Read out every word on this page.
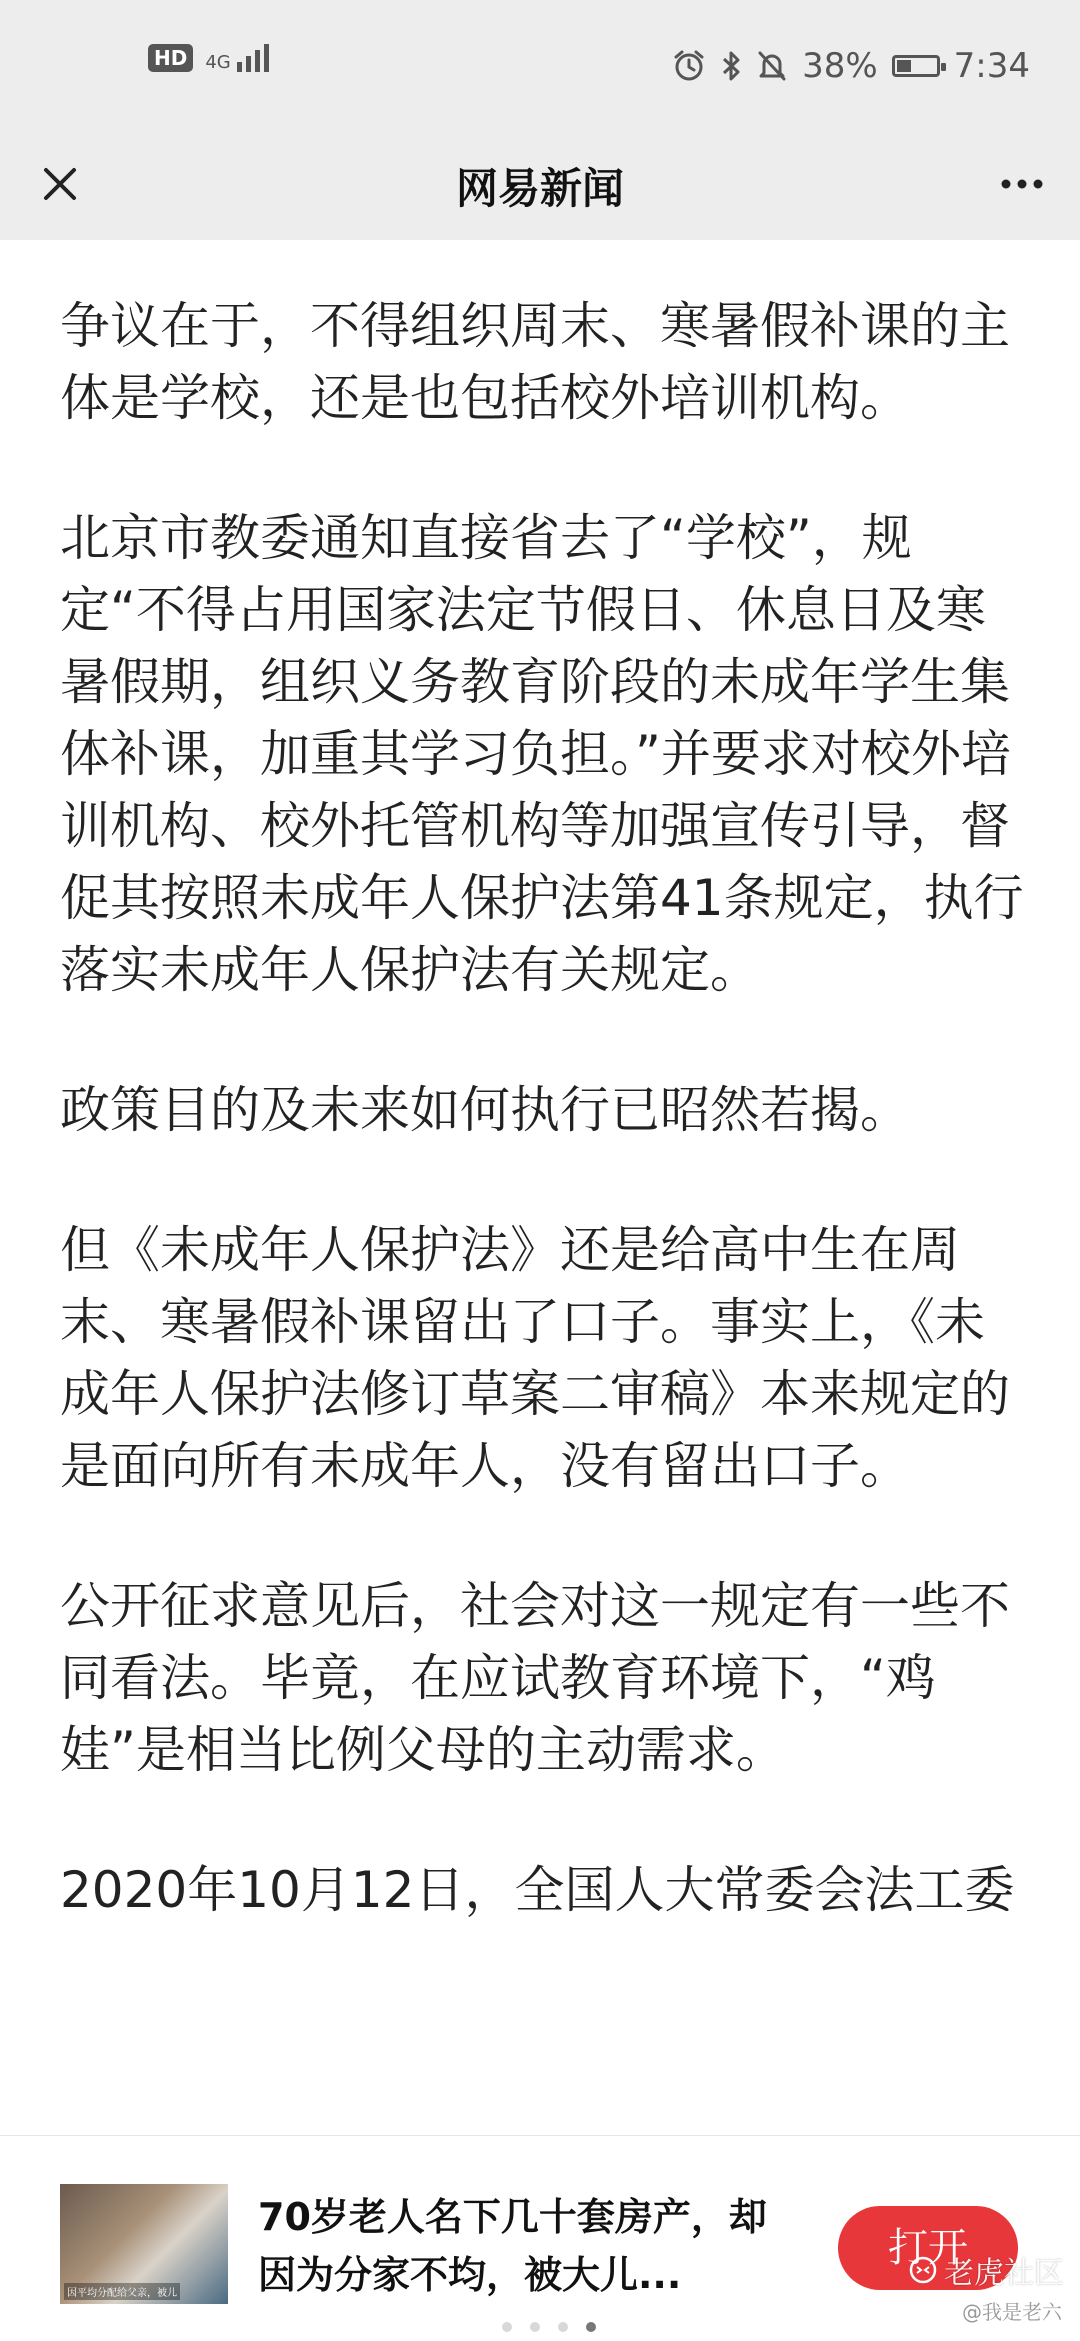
HD	4G	38% 7:34
网易新闻

争议在于，不得组织周末、寒暑假补课的主体是学校，还是也包括校外培训机构。

北京市教委通知直接省去了“学校”，规定“不得占用国家法定节假日、休息日及寒暑假期，组织义务教育阶段的未成年学生集体补课，加重其学习负担。”并要求对校外培训机构、校外托管机构等加强宣传引导，督促其按照未成年人保护法第41条规定，执行落实未成年人保护法有关规定。

政策目的及未来如何执行已昭然若揭。

但《未成年人保护法》还是给高中生在周末、寒暑假补课留出了口子。事实上，《未成年人保护法修订草案二审稿》本来规定的是面向所有未成年人，没有留出口子。

公开征求意见后，社会对这一规定有一些不同看法。毕竟，在应试教育环境下，“鸡娃”是相当比例父母的主动需求。

2020年10月12日，全国人大常委会法工委

因平均分配给父亲，被儿
70岁老人名下几十套房产，却因为分家不均，被大儿...
打开
老虎社区
@我是老六
